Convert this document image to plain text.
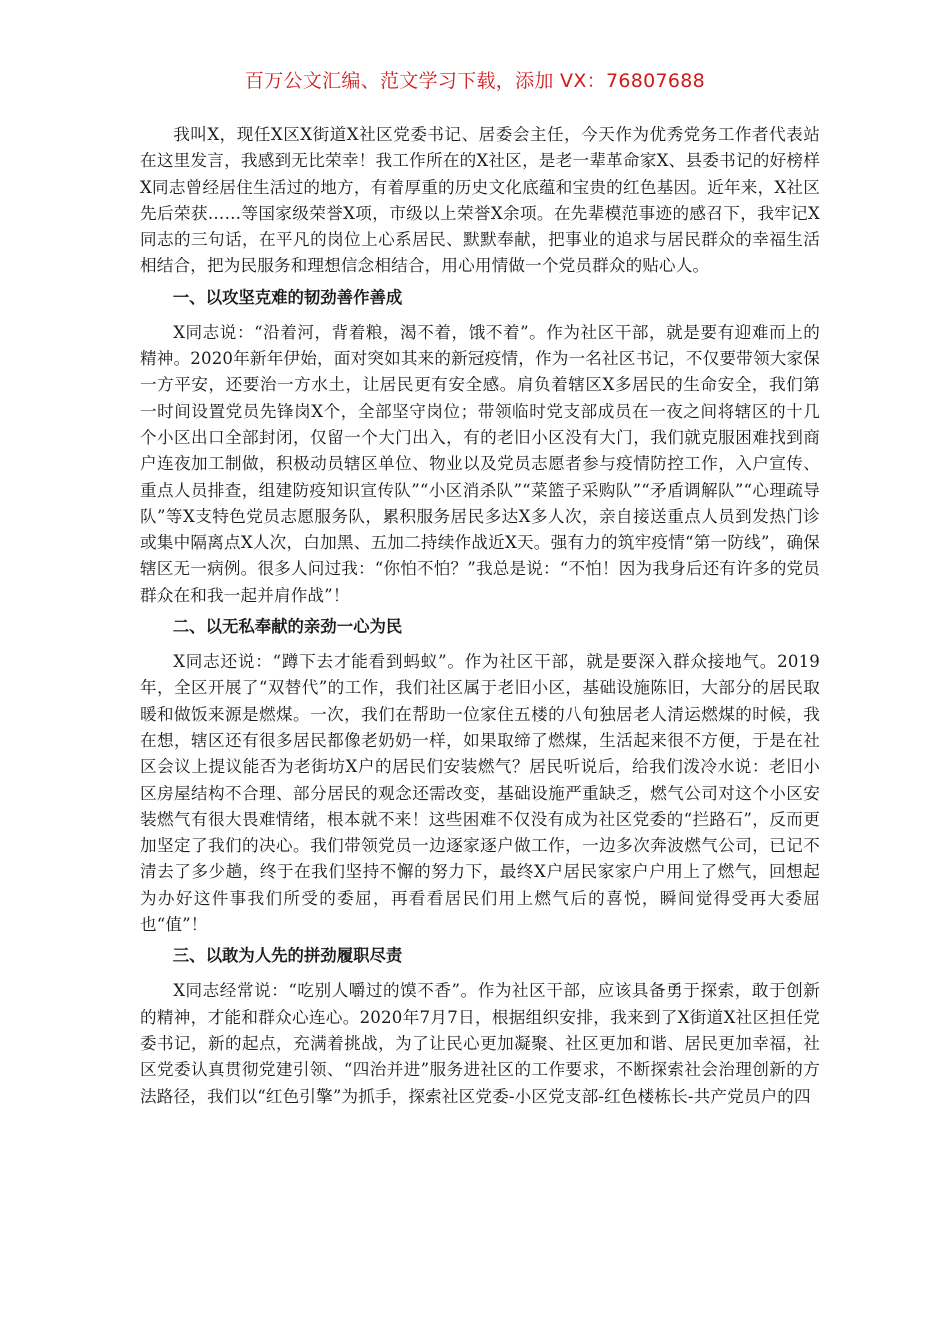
百万公文汇编、范文学习下载，添加 VX：76807688

我叫X，现任X区X街道X社区党委书记、居委会主任，今天作为优秀党务工作者代表站在这里发言，我感到无比荣幸！我工作所在的X社区，是老一辈革命家X、县委书记的好榜样X同志曾经居住生活过的地方，有着厚重的历史文化底蕴和宝贵的红色基因。近年来，X社区先后荣获……等国家级荣誉X项，市级以上荣誉X余项。在先辈模范事迹的感召下，我牢记X同志的三句话，在平凡的岗位上心系居民、默默奉献，把事业的追求与居民群众的幸福生活相结合，把为民服务和理想信念相结合，用心用情做一个党员群众的贴心人。

一、以攻坚克难的韧劲善作善成

X同志说：“沿着河，背着粮，渴不着，饿不着”。作为社区干部，就是要有迎难而上的精神。2020年新年伊始，面对突如其来的新冠疫情，作为一名社区书记，不仅要带领大家保一方平安，还要治一方水土，让居民更有安全感。肩负着辖区X多居民的生命安全，我们第一时间设置党员先锋岗X个，全部坚守岗位；带领临时党支部成员在一夜之间将辖区的十几个小区出口全部封闭，仅留一个大门出入，有的老旧小区没有大门，我们就克服困难找到商户连夜加工制做，积极动员辖区单位、物业以及党员志愿者参与疫情防控工作，入户宣传、重点人员排查，组建防疫知识宣传队”“小区消杀队”“菜篮子采购队”“矛盾调解队”“心理疏导队”等X支特色党员志愿服务队，累积服务居民多达X多人次，亲自接送重点人员到发热门诊或集中隔离点X人次，白加黑、五加二持续作战近X天。强有力的筑牢疫情“第一防线”，确保辖区无一病例。很多人问过我：“你怕不怕？”我总是说：“不怕！因为我身后还有许多的党员群众在和我一起并肩作战”！

二、以无私奉献的亲劲一心为民

X同志还说：“蹲下去才能看到蚂蚁”。作为社区干部，就是要深入群众接地气。2019年，全区开展了“双替代”的工作，我们社区属于老旧小区，基础设施陈旧，大部分的居民取暖和做饭来源是燃煤。一次，我们在帮助一位家住五楼的八旬独居老人清运燃煤的时候，我在想，辖区还有很多居民都像老奶奶一样，如果取缔了燃煤，生活起来很不方便，于是在社区会议上提议能否为老街坊X户的居民们安装燃气？居民听说后，给我们泼冷水说：老旧小区房屋结构不合理、部分居民的观念还需改变，基础设施严重缺乏，燃气公司对这个小区安装燃气有很大畏难情绪，根本就不来！这些困难不仅没有成为社区党委的“拦路石”，反而更加坚定了我们的决心。我们带领党员一边逐家逐户做工作，一边多次奔波燃气公司，已记不清去了多少趟，终于在我们坚持不懈的努力下，最终X户居民家家户户用上了燃气，回想起为办好这件事我们所受的委屈，再看看居民们用上燃气后的喜悦，瞬间觉得受再大委屈也“值”！

三、以敢为人先的拼劲履职尽责

X同志经常说：“吃别人嚼过的馍不香”。作为社区干部，应该具备勇于探索，敢于创新的精神，才能和群众心连心。2020年7月7日，根据组织安排，我来到了X街道X社区担任党委书记，新的起点，充满着挑战，为了让民心更加凝聚、社区更加和谐、居民更加幸福，社区党委认真贯彻党建引领、“四治并进”服务进社区的工作要求，不断探索社会治理创新的方法路径，我们以“红色引擎”为抓手，探索社区党委-小区党支部-红色楼栋长-共产党员户的四
